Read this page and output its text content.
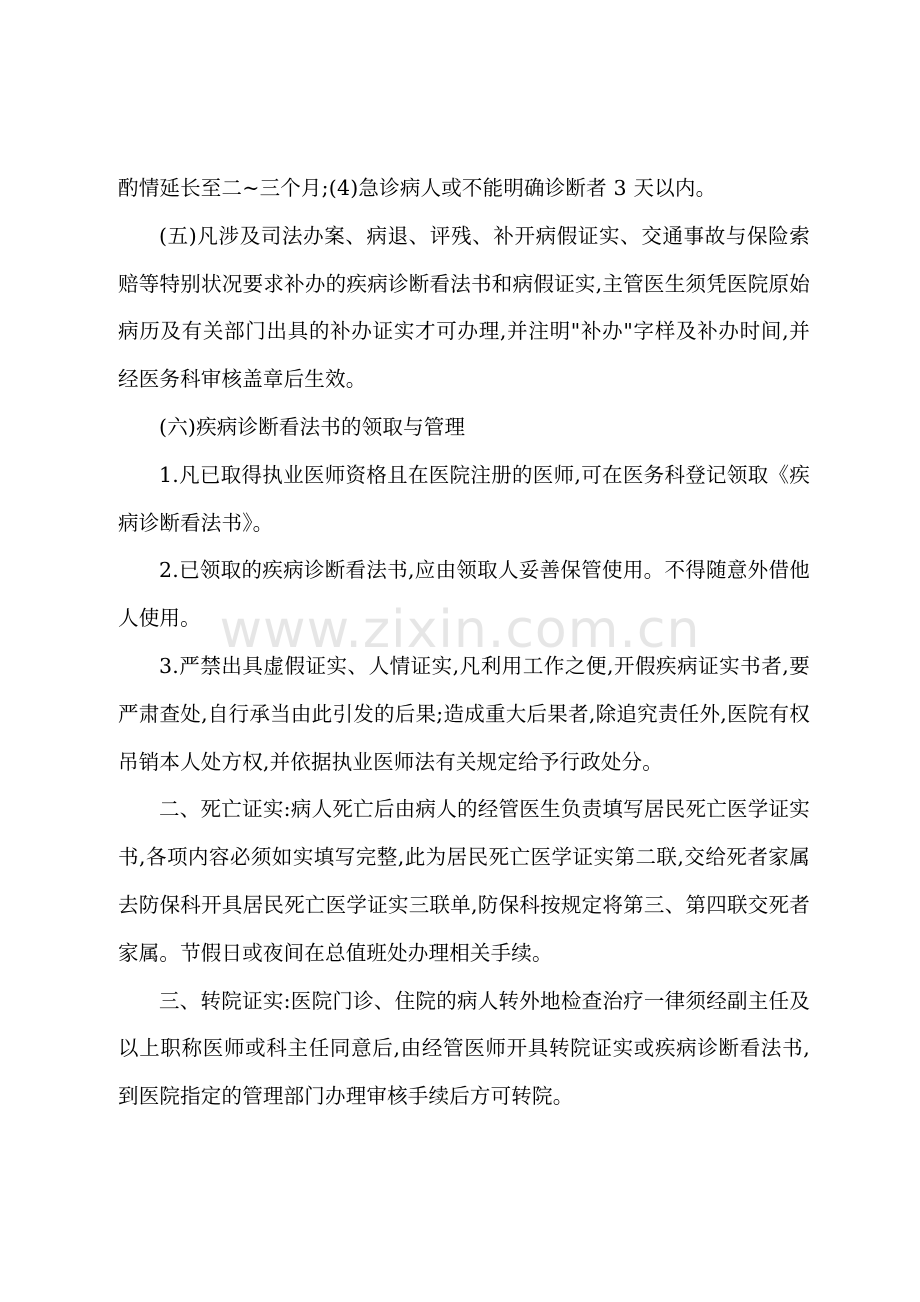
酌情延长至二~三个月;(4)急诊病人或不能明确诊断者 3 天以内。

(五)凡涉及司法办案、病退、评残、补开病假证实、交通事故与保险索赔等特别状况要求补办的疾病诊断看法书和病假证实,主管医生须凭医院原始病历及有关部门出具的补办证实才可办理,并注明"补办"字样及补办时间,并经医务科审核盖章后生效。

(六)疾病诊断看法书的领取与管理

1.凡已取得执业医师资格且在医院注册的医师,可在医务科登记领取《疾病诊断看法书》。

2.已领取的疾病诊断看法书,应由领取人妥善保管使用。不得随意外借他人使用。

3.严禁出具虚假证实、人情证实,凡利用工作之便,开假疾病证实书者,要严肃查处,自行承当由此引发的后果;造成重大后果者,除追究责任外,医院有权吊销本人处方权,并依据执业医师法有关规定给予行政处分。

二、死亡证实:病人死亡后由病人的经管医生负责填写居民死亡医学证实书,各项内容必须如实填写完整,此为居民死亡医学证实第二联,交给死者家属去防保科开具居民死亡医学证实三联单,防保科按规定将第三、第四联交死者家属。节假日或夜间在总值班处办理相关手续。

三、转院证实:医院门诊、住院的病人转外地检查治疗一律须经副主任及以上职称医师或科主任同意后,由经管医师开具转院证实或疾病诊断看法书,到医院指定的管理部门办理审核手续后方可转院。

www.zixin.com.cn
